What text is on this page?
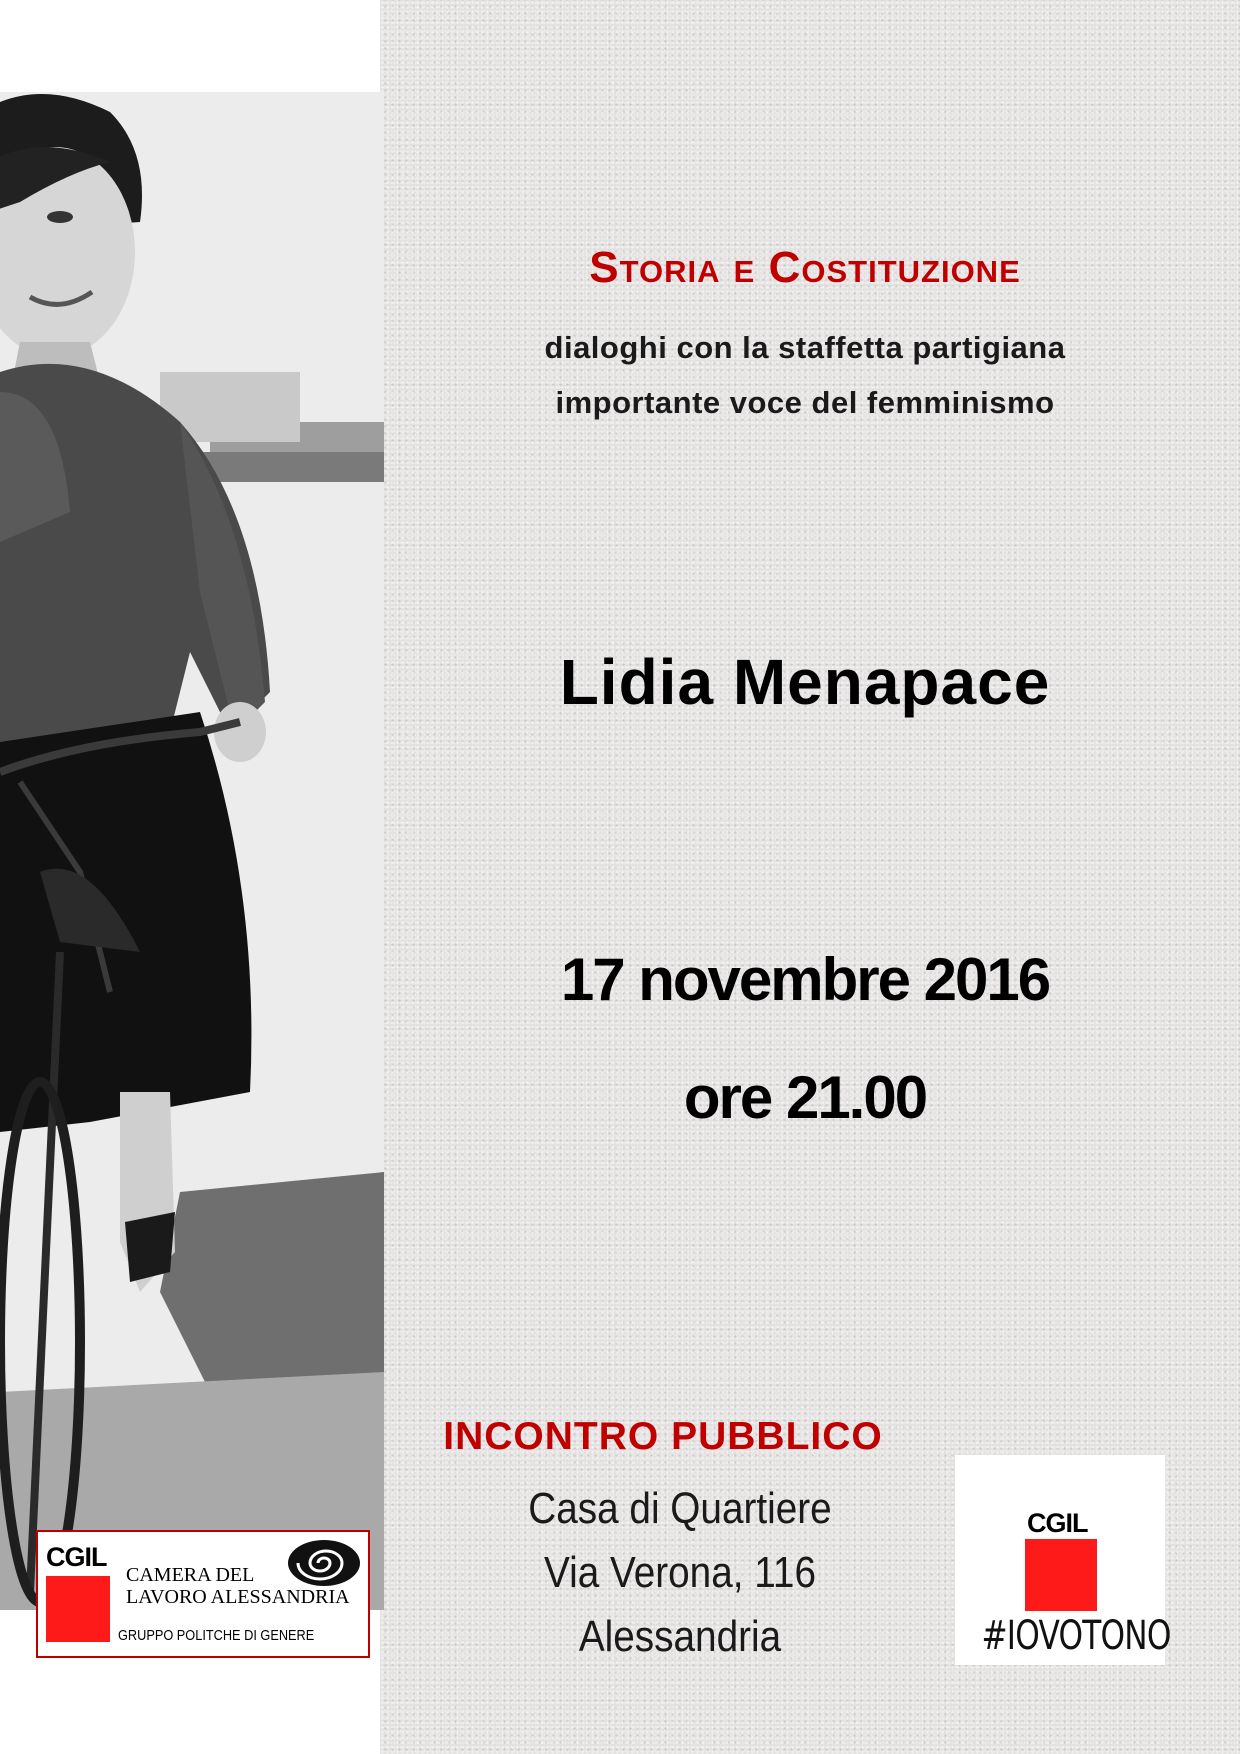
Storia e Costituzione
dialoghi con la staffetta partigiana
importante voce del femminismo
Lidia Menapace
17 novembre 2016
ore 21.00
INCONTRO PUBBLICO
Casa di Quartiere
Via Verona, 116
Alessandria
CGIL
CAMERA DEL
LAVORO ALESSANDRIA
GRUPPO POLITCHE DI GENERE
CGIL
#IOVOTONO
